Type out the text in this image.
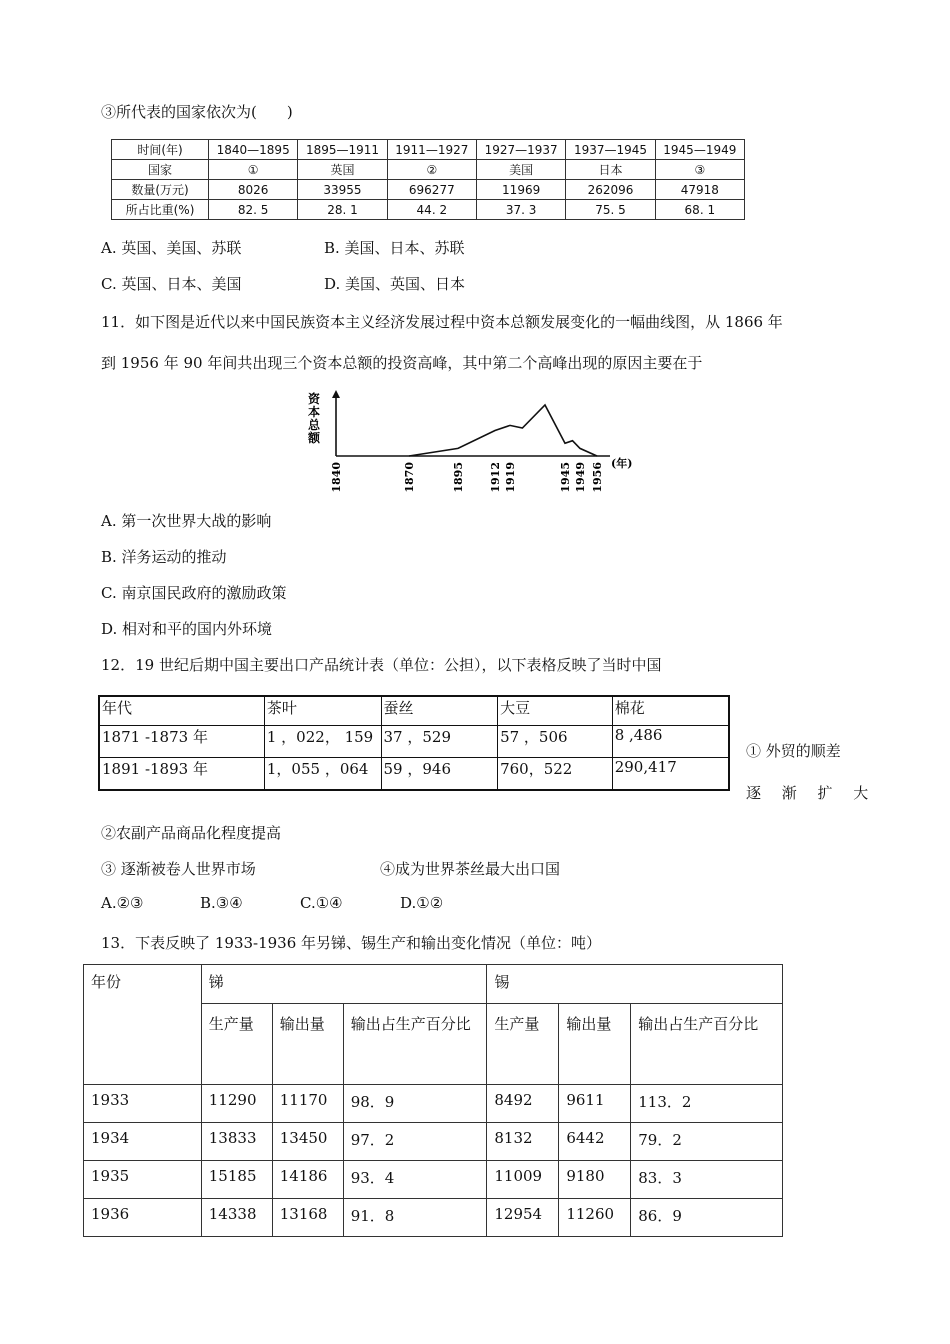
③所代表的国家依次为(　　)
时间(年)	1840—1895	1895—1911	1911—1927	1927—1937	1937—1945	1945—1949
国家	①	英国	②	美国	日本	③
数量(万元)	8026	33955	696277	11969	262096	47918
所占比重(%)	82. 5	28. 1	44. 2	37. 3	75. 5	68. 1
A. 英国、美国、苏联	B. 美国、日本、苏联
C. 英国、日本、美国	D. 美国、英国、日本
11．如下图是近代以来中国民族资本主义经济发展过程中资本总额发展变化的一幅曲线图，从 1866 年
到 1956 年 90 年间共出现三个资本总额的投资高峰，其中第二个高峰出现的原因主要在于
资
本
总
额
1840	1870	1895 1912 1919	1945 1949 1956 (年)
A. 第一次世界大战的影响
B. 洋务运动的推动
C. 南京国民政府的激励政策
D. 相对和平的国内外环境
12．19 世纪后期中国主要出口产品统计表（单位：公担），以下表格反映了当时中国
年代	茶叶	蚕丝	大豆	棉花
1871 -1873 年	1 ，022， 159	37 ，529	57 ，506	8 ,486
1891 -1893 年	1，055 ，064	59 ，946	760，522	290,417
① 外贸的顺差
逐 渐 扩 大
②农副产品商品化程度提高
③ 逐渐被卷人世界市场	④成为世界茶丝最大出口国
A.②③	B.③④	C.①④	D.①②
13．下表反映了 1933-1936 年另锑、锡生产和输出变化情况（单位：吨）
年份	锑			锡		
	生产量	输出量	输出占生产百分比	生产量	输出量	输出占生产百分比
1933	11290	11170	98．9	8492	9611	113．2
1934	13833	13450	97．2	8132	6442	79．2
1935	15185	14186	93．4	11009	9180	83．3
1936	14338	13168	91．8	12954	11260	86．9
